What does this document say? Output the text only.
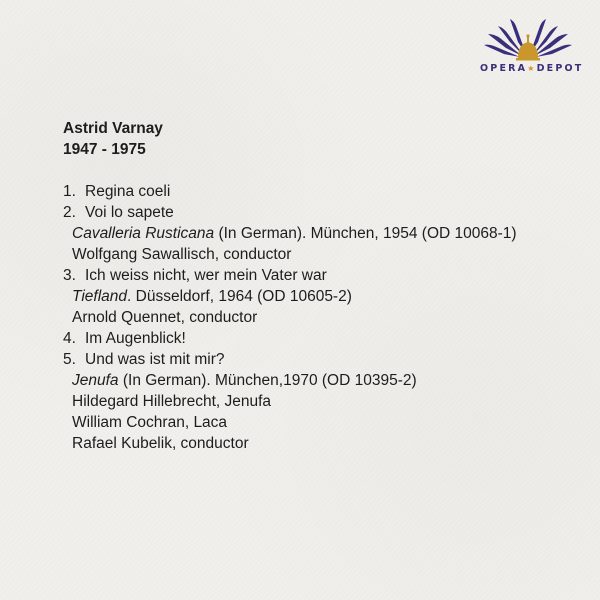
OPERA★DEPOT
Astrid Varnay
1947 - 1975
1. Regina coeli
2. Voi lo sapete
Cavalleria Rusticana (In German). München, 1954 (OD 10068-1)
Wolfgang Sawallisch, conductor
3. Ich weiss nicht, wer mein Vater war
Tiefland. Düsseldorf, 1964 (OD 10605-2)
Arnold Quennet, conductor
4. Im Augenblick!
5. Und was ist mit mir?
Jenufa (In German). München,1970 (OD 10395-2)
Hildegard Hillebrecht, Jenufa
William Cochran, Laca
Rafael Kubelik, conductor
